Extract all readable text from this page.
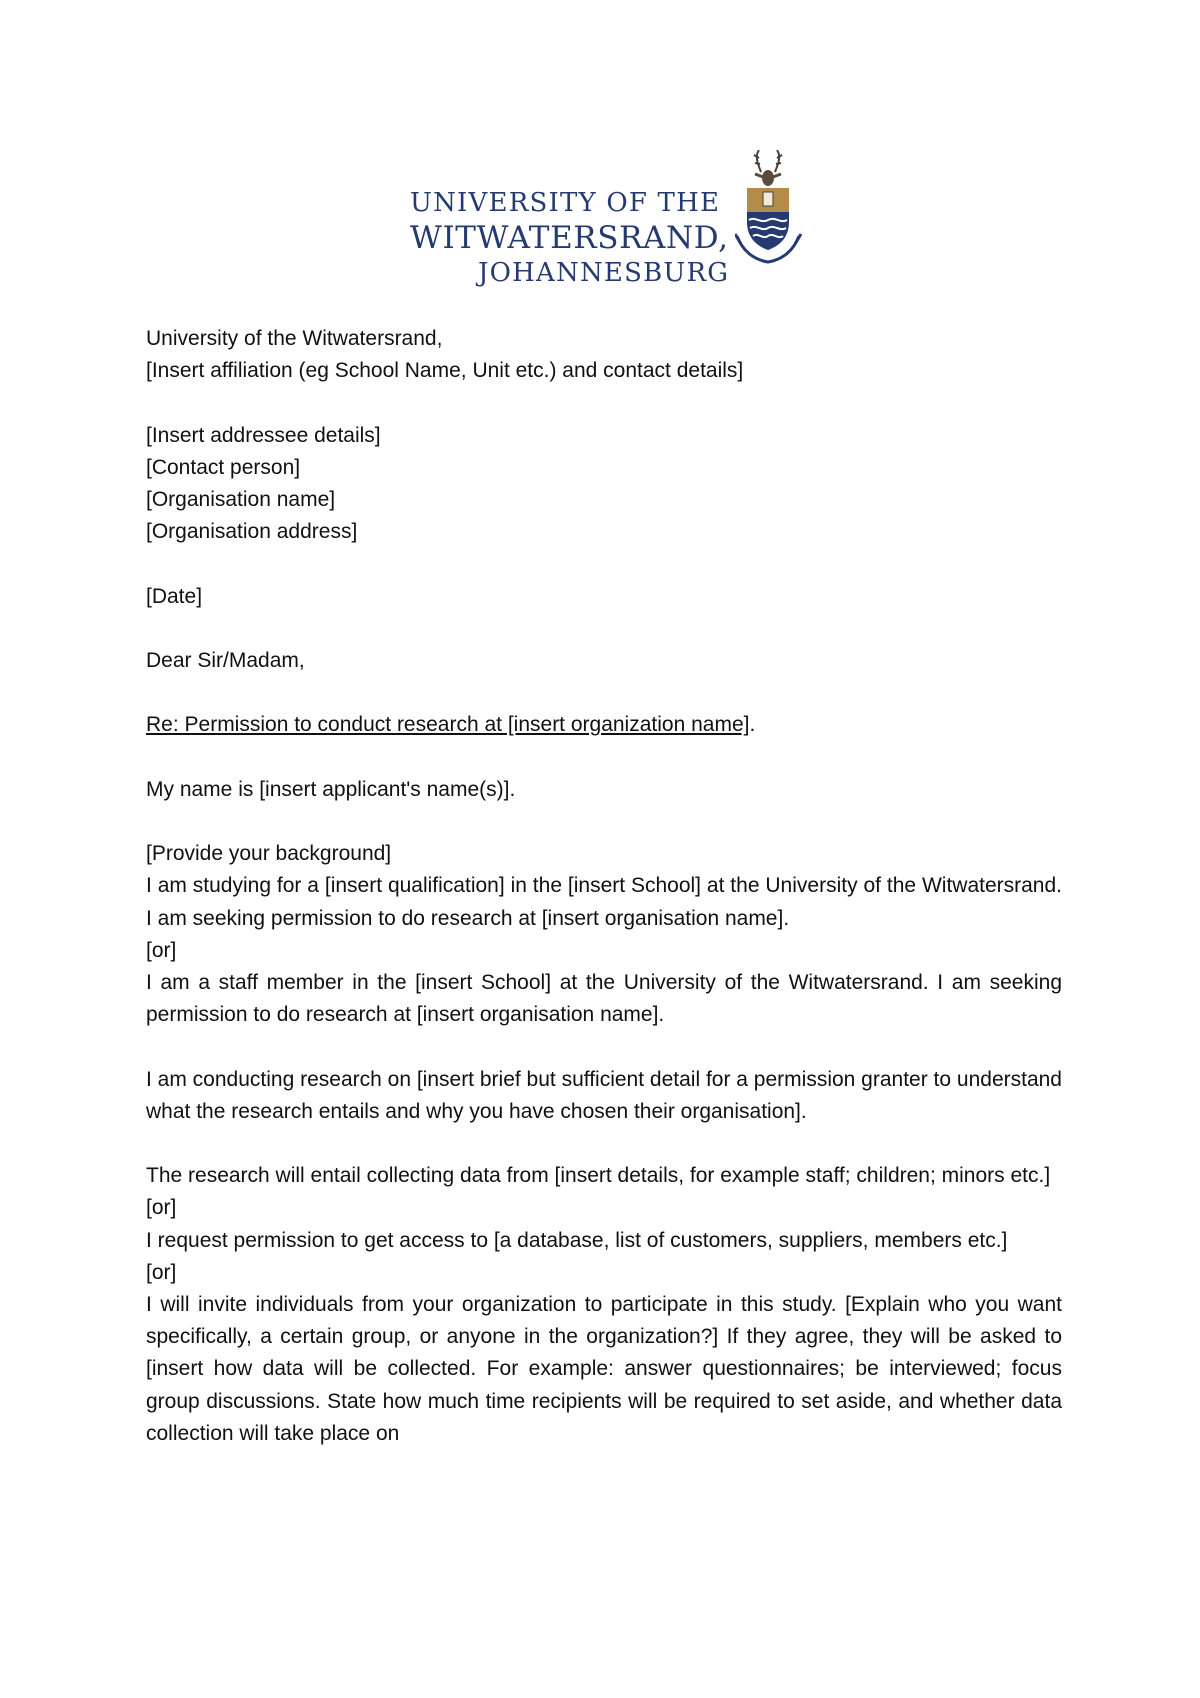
UNIVERSITY OF THE
WITWATERSRAND,
JOHANNESBURG

University of the Witwatersrand,

[Insert affiliation (eg School Name, Unit etc.) and contact details]

[Insert addressee details]

[Contact person]

[Organisation name]

[Organisation address]

[Date]

Dear Sir/Madam,

Re: Permission to conduct research at [insert organization name].

My name is [insert applicant's name(s)].

[Provide your background]

I am studying for a [insert qualification] in the [insert School] at the University of the Witwatersrand. I am seeking permission to do research at [insert organisation name].

[or]

I am a staff member in the [insert School] at the University of the Witwatersrand. I am seeking permission to do research at [insert organisation name].

I am conducting research on [insert brief but sufficient detail for a permission granter to understand what the research entails and why you have chosen their organisation].

The research will entail collecting data from [insert details, for example staff; children; minors etc.]

[or]

I request permission to get access to [a database, list of customers, suppliers, members etc.]

[or]

I will invite individuals from your organization to participate in this study. [Explain who you want specifically, a certain group, or anyone in the organization?] If they agree, they will be asked to [insert how data will be collected. For example: answer questionnaires; be interviewed; focus group discussions. State how much time recipients will be required to set aside, and whether data collection will take place on
